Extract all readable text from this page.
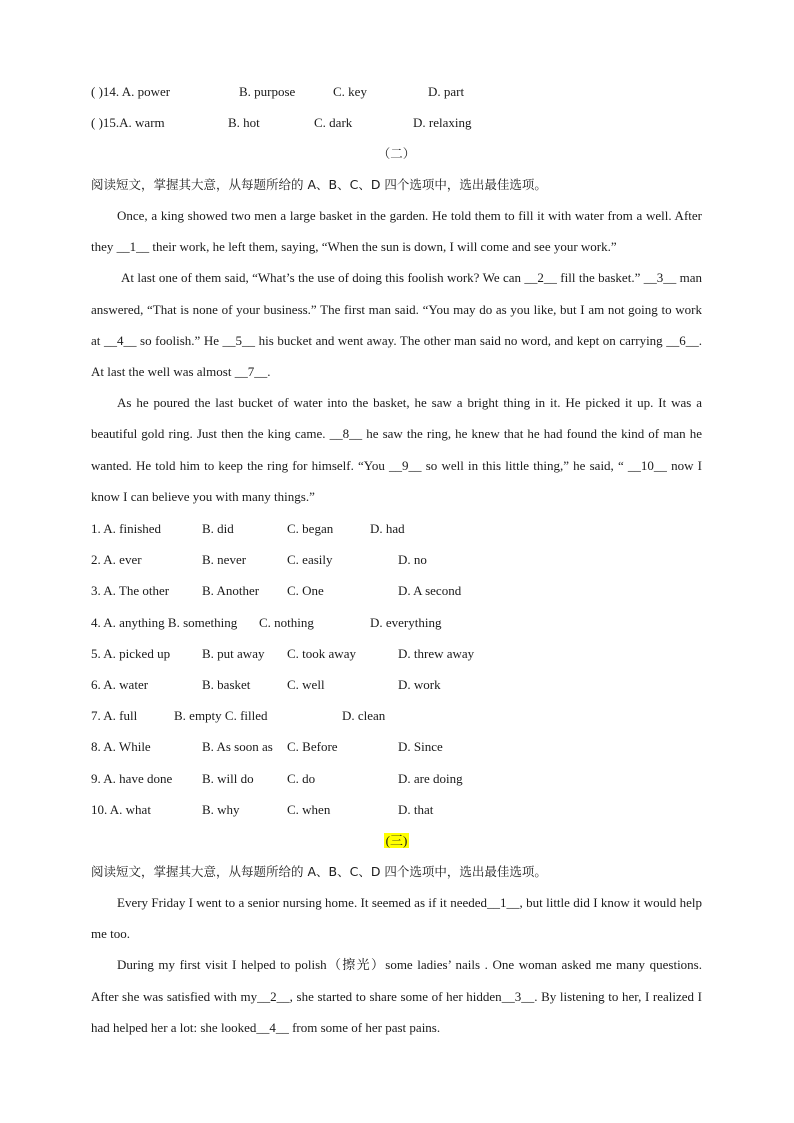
( )14. A. power	B. purpose	C. key	D. part
( )15.A. warm	B. hot	C. dark	D. relaxing
（二）
阅读短文，掌握其大意，从每题所给的 A、B、C、D 四个选项中，选出最佳选项。
Once, a king showed two men a large basket in the garden. He told them to fill it with water from a well. After they __1__ their work, he left them, saying, “When the sun is down, I will come and see your work.”
At last one of them said, “What’s the use of doing this foolish work? We can __2__ fill the basket.” __3__ man answered, “That is none of your business.” The first man said. “You may do as you like, but I am not going to work at __4__ so foolish.” He __5__ his bucket and went away. The other man said no word, and kept on carrying __6__. At last the well was almost __7__.
As he poured the last bucket of water into the basket, he saw a bright thing in it. He picked it up. It was a beautiful gold ring. Just then the king came. __8__ he saw the ring, he knew that he had found the kind of man he wanted. He told him to keep the ring for himself. “You __9__ so well in this little thing,” he said, “ __10__ now I know I can believe you with many things.”
1. A. finished	B. did	C. began	D. had
2. A. ever	B. never	C. easily	D. no
3. A. The other	B. Another C. One	D. A second
4. A. anything B. something C. nothing	D. everything
5. A. picked up B. put away C. took away	D. threw away
6. A. water	B. basket	C. well	D. work
7. A. full	B. empty C. filled	D. clean
8. A. While	B. As soon as C. Before	D. Since
9. A. have done B. will do	C. do	D. are doing
10. A. what	B. why	C. when	D. that
(三)
阅读短文，掌握其大意，从每题所给的 A、B、C、D 四个选项中，选出最佳选项。
Every Friday I went to a senior nursing home. It seemed as if it needed__1__, but little did I know it would help me too.
During my first visit I helped to polish（擦光）some ladies’ nails . One woman asked me many questions. After she was satisfied with my__2__, she started to share some of her hidden__3__. By listening to her, I realized I had helped her a lot: she looked__4__ from some of her past pains.
